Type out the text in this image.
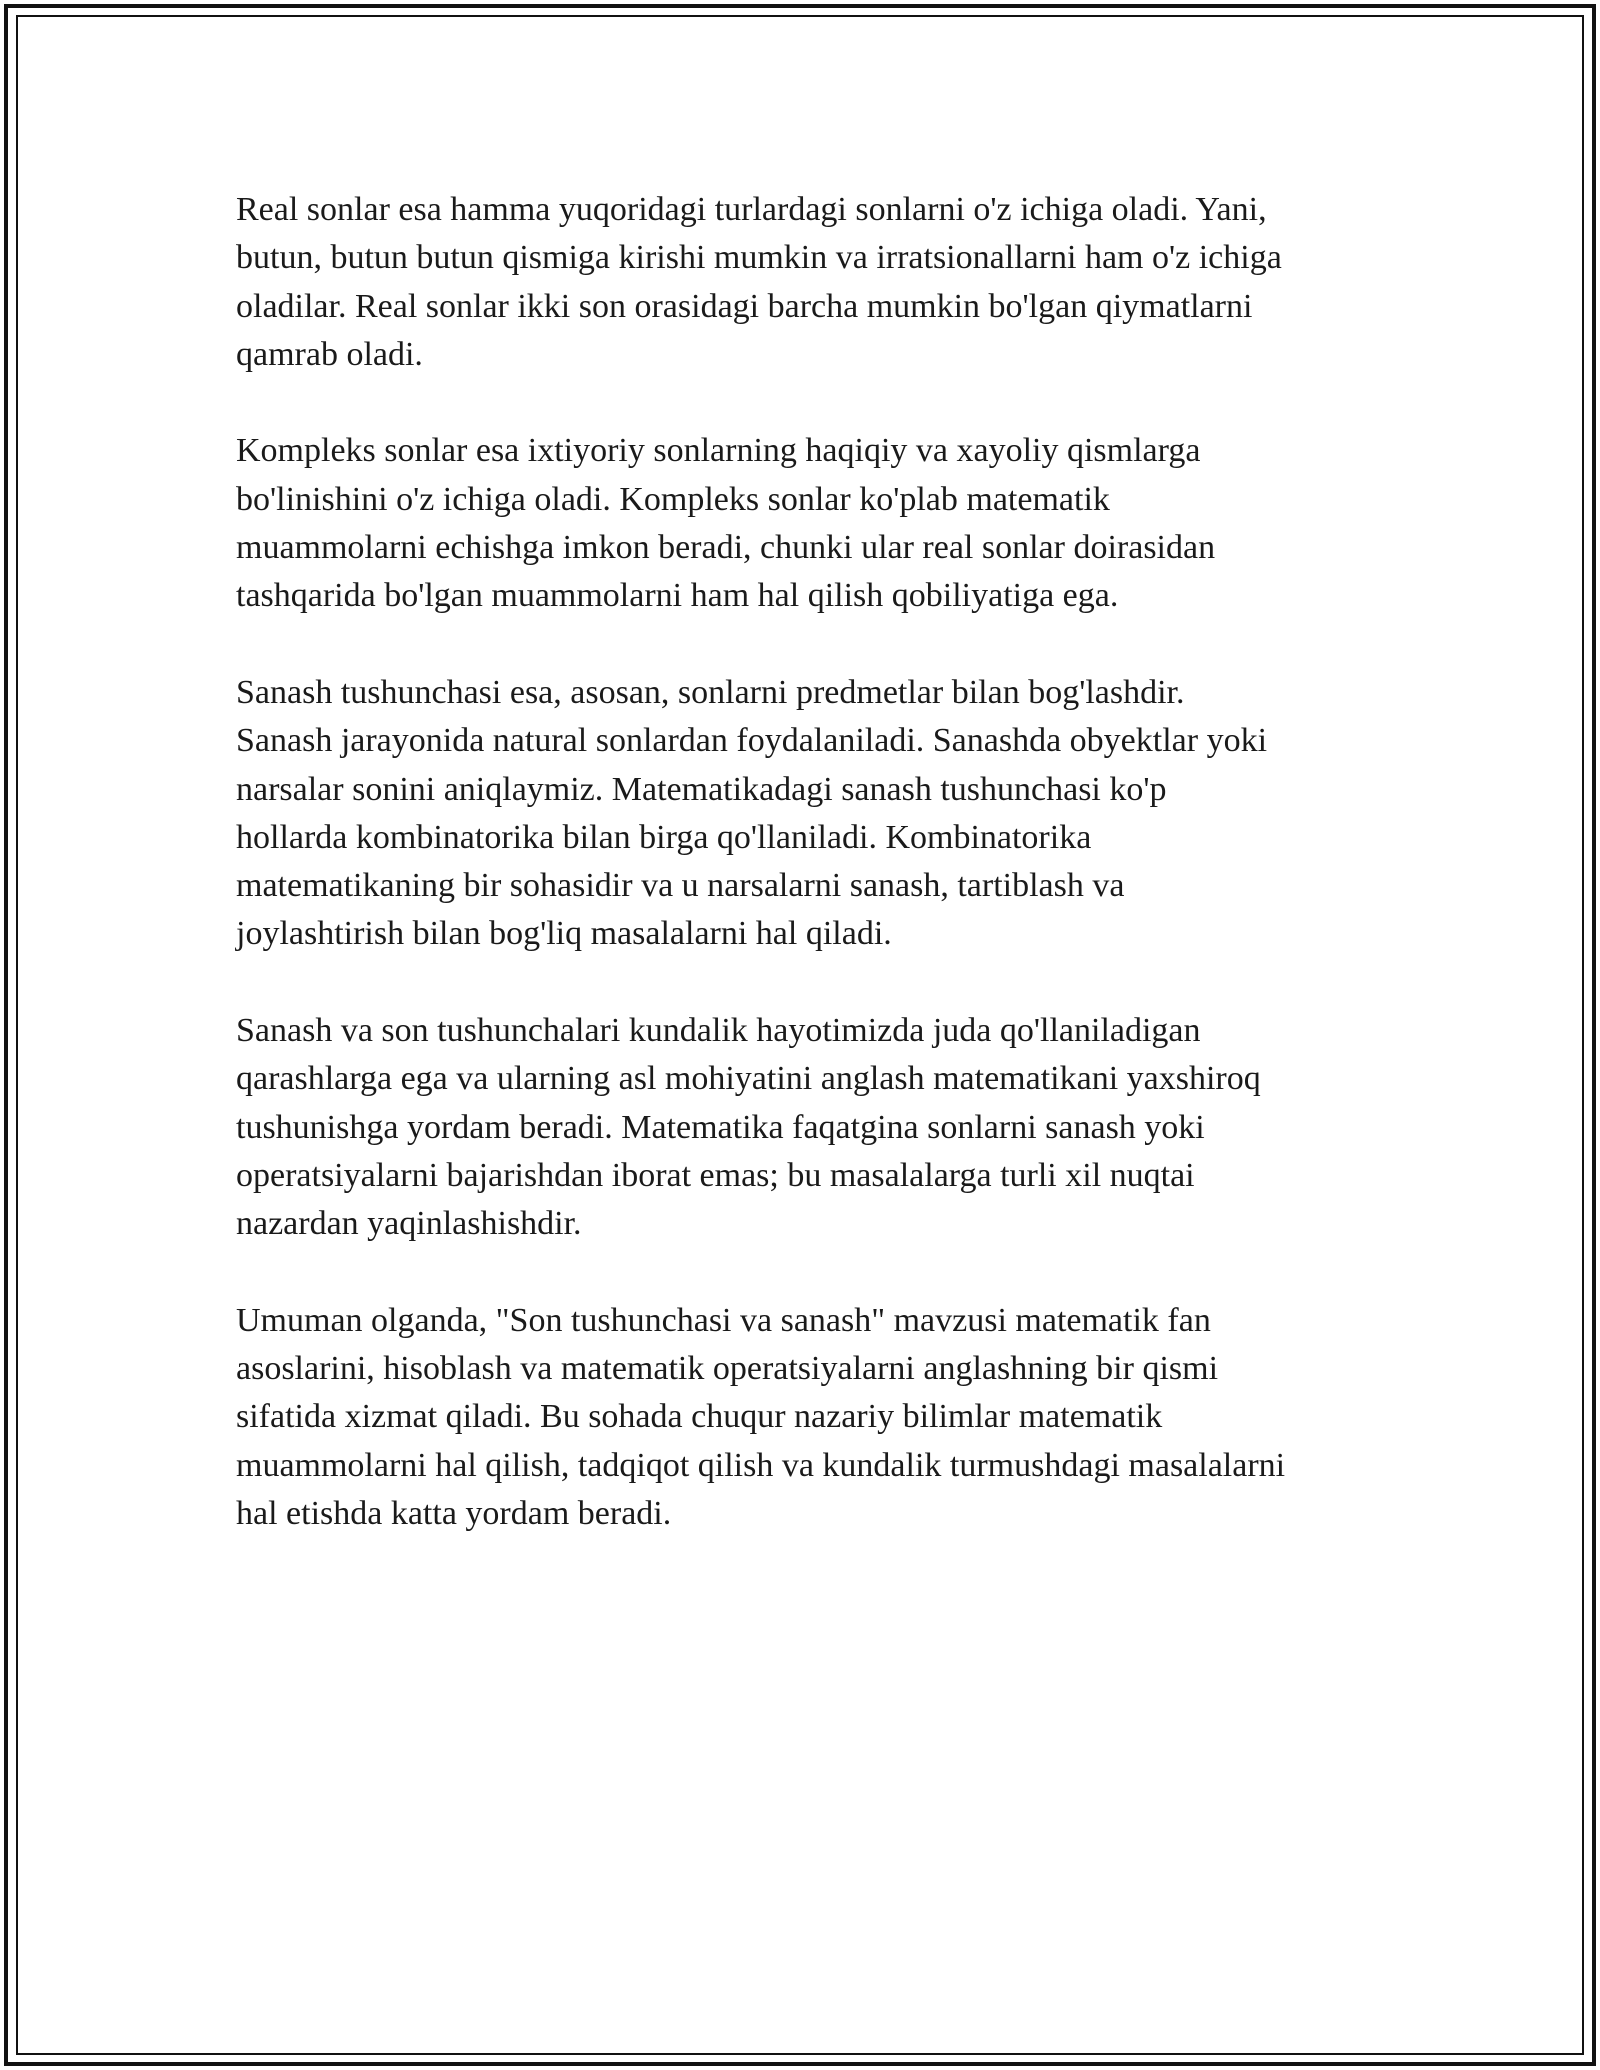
Real sonlar esa hamma yuqoridagi turlardagi sonlarni o'z ichiga oladi. Yani,
butun, butun butun qismiga kirishi mumkin va irratsionallarni ham o'z ichiga
oladilar. Real sonlar ikki son orasidagi barcha mumkin bo'lgan qiymatlarni
qamrab oladi.

Kompleks sonlar esa ixtiyoriy sonlarning haqiqiy va xayoliy qismlarga
bo'linishini o'z ichiga oladi. Kompleks sonlar ko'plab matematik
muammolarni echishga imkon beradi, chunki ular real sonlar doirasidan
tashqarida bo'lgan muammolarni ham hal qilish qobiliyatiga ega.

Sanash tushunchasi esa, asosan, sonlarni predmetlar bilan bog'lashdir.
Sanash jarayonida natural sonlardan foydalaniladi. Sanashda obyektlar yoki
narsalar sonini aniqlaymiz. Matematikadagi sanash tushunchasi ko'p
hollarda kombinatorika bilan birga qo'llaniladi. Kombinatorika
matematikaning bir sohasidir va u narsalarni sanash, tartiblash va
joylashtirish bilan bog'liq masalalarni hal qiladi.

Sanash va son tushunchalari kundalik hayotimizda juda qo'llaniladigan
qarashlarga ega va ularning asl mohiyatini anglash matematikani yaxshiroq
tushunishga yordam beradi. Matematika faqatgina sonlarni sanash yoki
operatsiyalarni bajarishdan iborat emas; bu masalalarga turli xil nuqtai
nazardan yaqinlashishdir.

Umuman olganda, "Son tushunchasi va sanash" mavzusi matematik fan
asoslarini, hisoblash va matematik operatsiyalarni anglashning bir qismi
sifatida xizmat qiladi. Bu sohada chuqur nazariy bilimlar matematik
muammolarni hal qilish, tadqiqot qilish va kundalik turmushdagi masalalarni
hal etishda katta yordam beradi.
